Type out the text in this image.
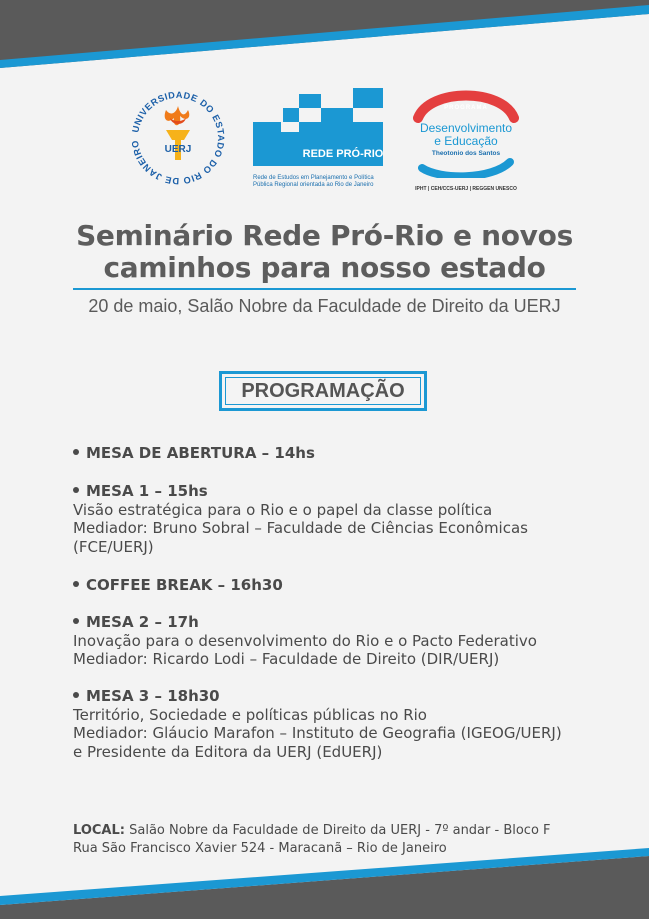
UNIVERSIDADE DO ESTADO DO RIO DE JANEIRO
UERJ	REDE PRÓ-RIO
Rede de Estudos em Planejamento e Política
Pública Regional orientada ao Rio de Janeiro
PROGRAMA
Desenvolvimento
e Educação
Theotonio dos Santos
IPHT | CEH/CCS-UERJ | REGGEN UNESCO
Seminário Rede Pró-Rio e novos
caminhos para nosso estado
20 de maio, Salão Nobre da Faculdade de Direito da UERJ
PROGRAMAÇÃO
MESA DE ABERTURA – 14hs
MESA 1 – 15hs
Visão estratégica para o Rio e o papel da classe política
Mediador: Bruno Sobral – Faculdade de Ciências Econômicas
(FCE/UERJ)
COFFEE BREAK – 16h30
MESA 2 – 17h
Inovação para o desenvolvimento do Rio e o Pacto Federativo
Mediador: Ricardo Lodi – Faculdade de Direito (DIR/UERJ)
MESA 3 – 18h30
Território, Sociedade e políticas públicas no Rio
Mediador: Gláucio Marafon – Instituto de Geografia (IGEOG/UERJ)
e Presidente da Editora da UERJ (EdUERJ)
LOCAL: Salão Nobre da Faculdade de Direito da UERJ - 7º andar - Bloco F
Rua São Francisco Xavier 524 - Maracanã – Rio de Janeiro
